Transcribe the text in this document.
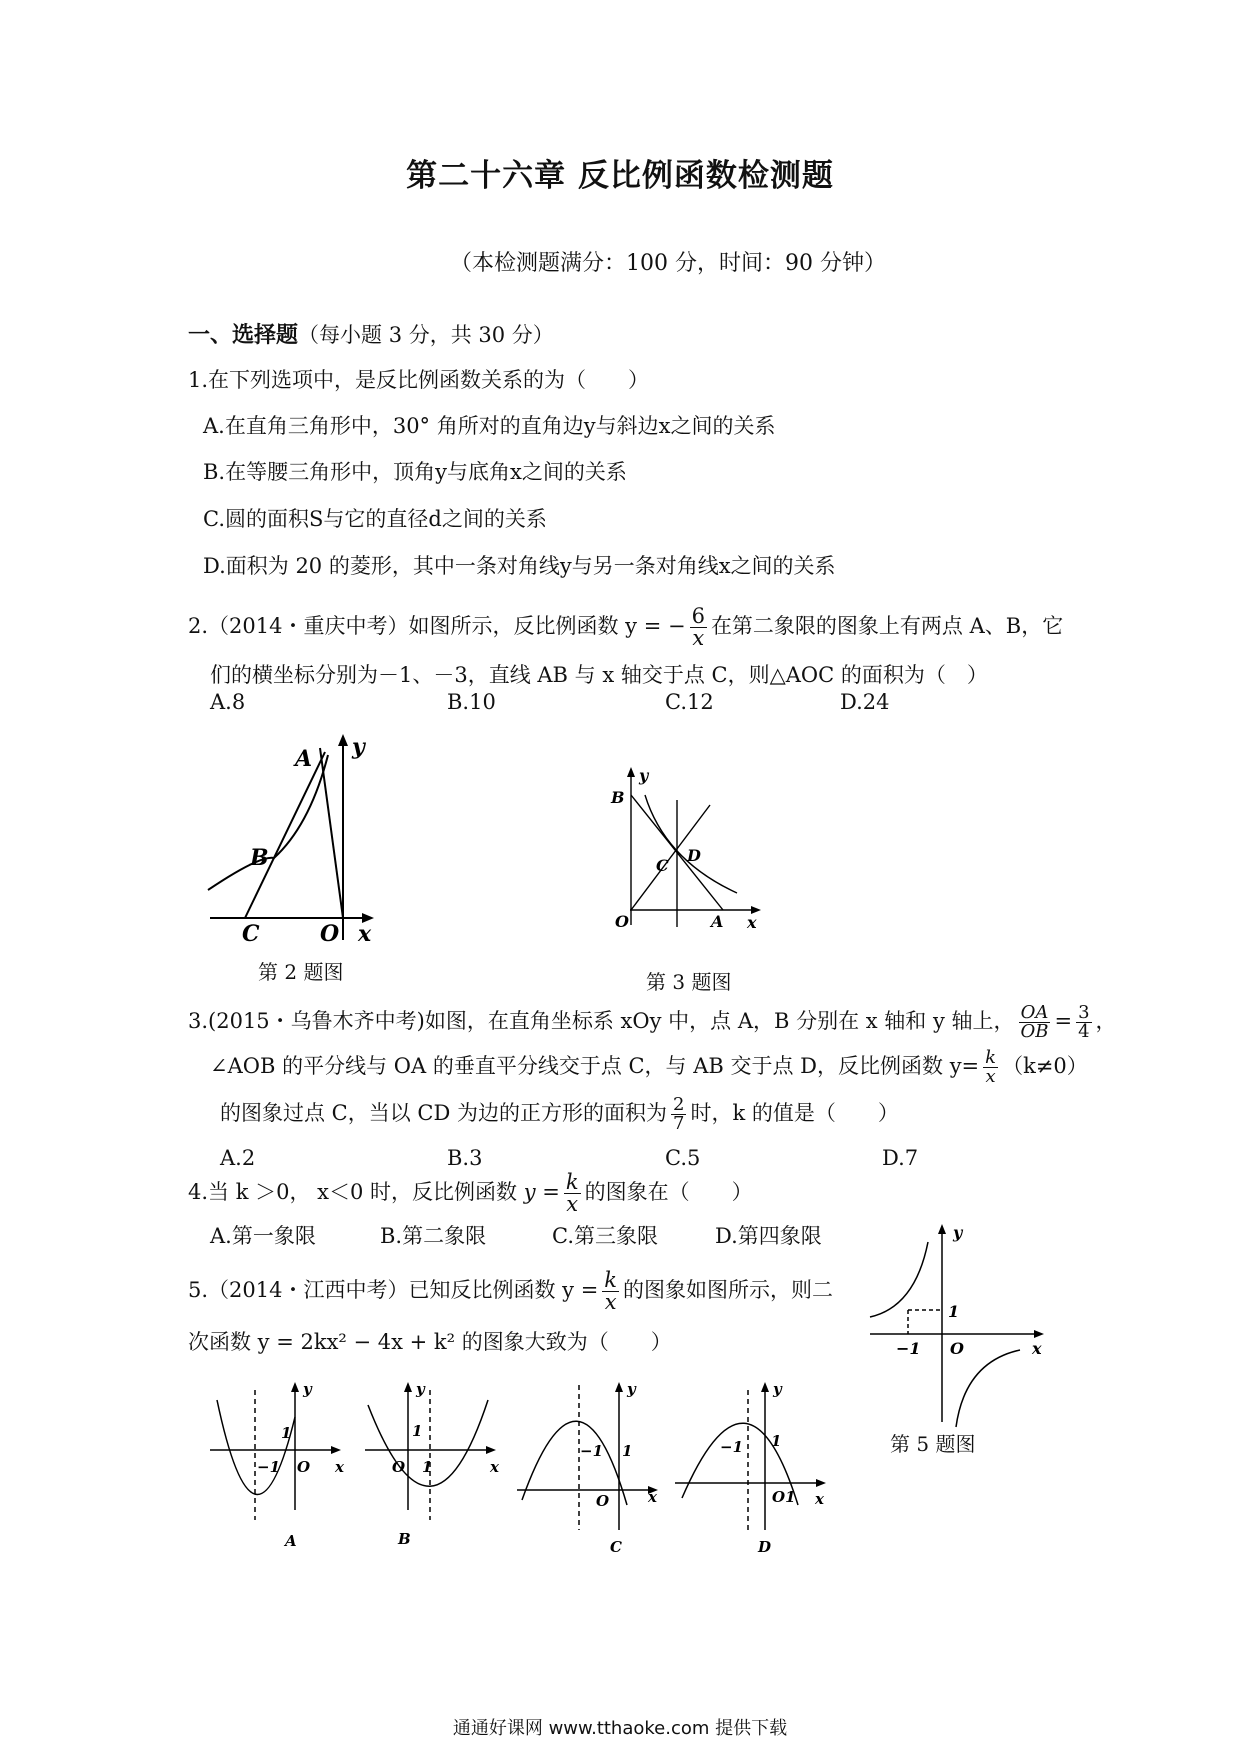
第二十六章 反比例函数检测题
（本检测题满分：100 分，时间：90 分钟）
一、选择题（每小题 3 分，共 30 分）
1.在下列选项中，是反比例函数关系的为（　　）
A.在直角三角形中，30° 角所对的直角边y与斜边x之间的关系
B.在等腰三角形中，顶角y与底角x之间的关系
C.圆的面积S与它的直径d之间的关系
D.面积为 20 的菱形，其中一条对角线y与另一条对角线x之间的关系
2.（2014・重庆中考）如图所示，反比例函数 y = − $\frac{6}{x}$ 在第二象限的图象上有两点 A、B，它
们的横坐标分别为－1、－3，直线 AB 与 x 轴交于点 C，则△AOC 的面积为（　）
A.8	B.10	C.12	D.24
A
B
C	O x
y
第 2 题图
B
C
D
O	A x
y
第 3 题图
3.(2015・乌鲁木齐中考)如图，在直角坐标系 xOy 中，点 A，B 分别在 x 轴和 y 轴上， $\frac{OA}{OB} = \frac{3}{4}$ ，
∠AOB 的平分线与 OA 的垂直平分线交于点 C，与 AB 交于点 D，反比例函数 $y= \frac{k}{x} (k\ne 0)$
的图象过点 C，当以 CD 为边的正方形的面积为 $\frac{2}{7}$ 时，k 的值是（　　）
A.2	B.3	C.5	D.7
4.当 k ＞0， x＜0 时，反比例函数 $y = \frac{k}{x}$ 的图象在（　　）
A.第一象限	B.第二象限	C.第三象限	D.第四象限
5.（2014・江西中考）已知反比例函数 $y = \frac{k}{x}$ 的图象如图所示，则二
次函数 y = 2kx² − 4x + k² 的图象大致为（　　）
y
x
1
−1 O
第 5 题图
y
x
1
−1 O
A
y
x
1
O 1
B
y
x
−1 1
O
C
y
x
−1 1
O1
D
通通好课网 www.tthaoke.com 提供下载
